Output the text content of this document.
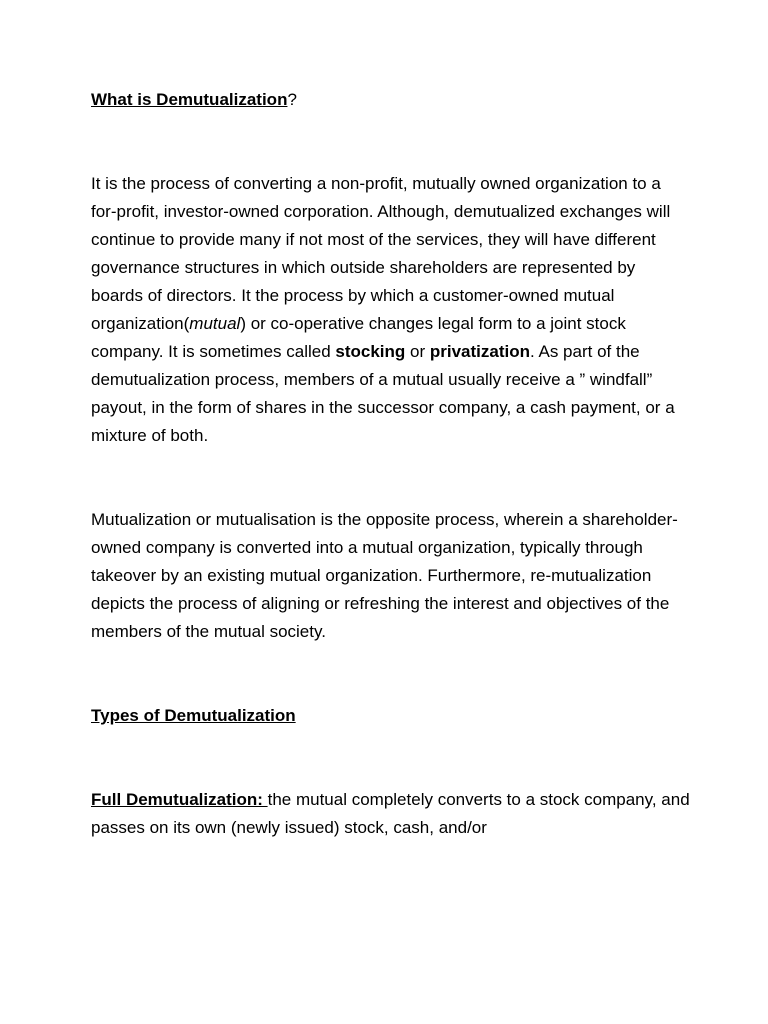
What is Demutualization?

It is the process of converting a non-profit, mutually owned organization to a for-profit, investor-owned corporation. Although, demutualized exchanges will continue to provide many if not most of the services, they will have different governance structures in which outside shareholders are represented by boards of directors. It the process by which a customer-owned mutual organization(mutual) or co-operative changes legal form to a joint stock company. It is sometimes called stocking or privatization. As part of the demutualization process, members of a mutual usually receive a ” windfall” payout, in the form of shares in the successor company, a cash payment, or a mixture of both.

Mutualization or mutualisation is the opposite process, wherein a shareholder-owned company is converted into a mutual organization, typically through takeover by an existing mutual organization. Furthermore, re-mutualization depicts the process of aligning or refreshing the interest and objectives of the members of the mutual society.

Types of Demutualization

Full Demutualization: the mutual completely converts to a stock company, and passes on its own (newly issued) stock, cash, and/or
